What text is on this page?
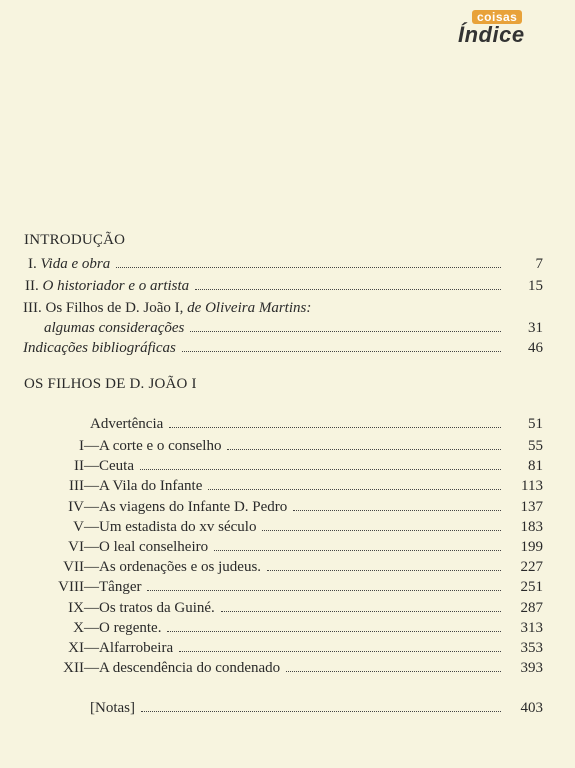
coisas
Índice
INTRODUÇÃO
I. Vida e obra	7
II. O historiador e o artista	15
III. Os Filhos de D. João I, de Oliveira Martins:
algumas considerações	31
Indicações bibliográficas	46
OS FILHOS DE D. JOÃO I
Advertência	51
I — A corte e o conselho	55
II — Ceuta	81
III — A Vila do Infante	113
IV — As viagens do Infante D. Pedro	137
V — Um estadista do xv século	183
VI — O leal conselheiro	199
VII — As ordenações e os judeus.	227
VIII — Tânger	251
IX — Os tratos da Guiné.	287
X — O regente.	313
XI — Alfarrobeira	353
XII — A descendência do condenado	393
[Notas]	403
